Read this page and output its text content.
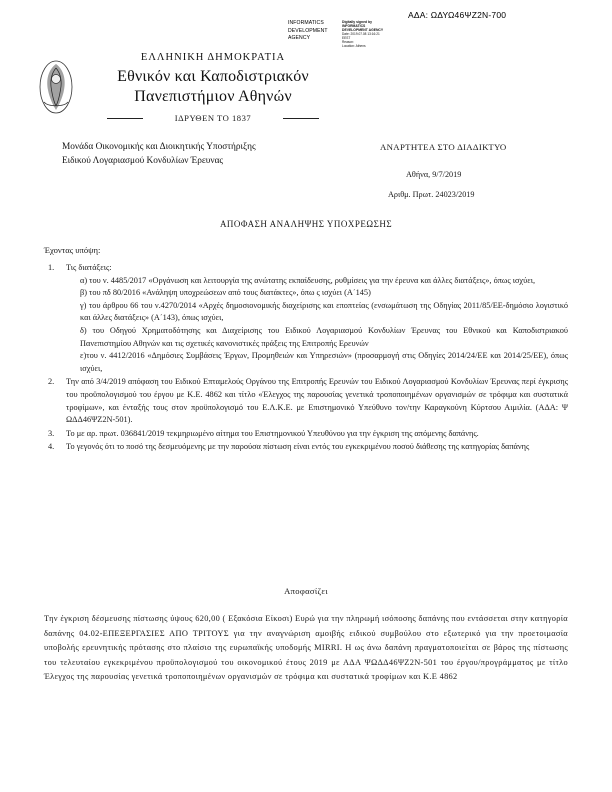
ΑΔΑ: ΩΔΥΩ46ΨΖ2Ν-700
INFORMATICS
DEVELOPMENT
AGENCY
Digitally signed by
INFORMATICS
DEVELOPMENT AGENCY
Date: 2019.07.08 13:16:21
EEST
Reason:
Location: Athens
ΕΛΛΗΝΙΚΗ ΔΗΜΟΚΡΑΤΙΑ
Εθνικόν και Καποδιστριακόν
Πανεπιστήμιον Αθηνών
ΙΔΡΥΘΕΝ ΤΟ 1837
Μονάδα Οικονομικής και Διοικητικής Υποστήριξης
Ειδικού Λογαριασμού Κονδυλίων Έρευνας
ΑΝΑΡΤΗΤΕΑ ΣΤΟ ΔΙΑΔΙΚΤΥΟ
Αθήνα, 9/7/2019
Αριθμ. Πρωτ. 24023/2019
ΑΠΟΦΑΣΗ ΑΝΑΛΗΨΗΣ ΥΠΟΧΡΕΩΣΗΣ
Έχοντας υπόψη:
1. Τις διατάξεις:

α) του ν. 4485/2017 «Οργάνωση και λειτουργία της ανώτατης εκπαίδευσης, ρυθμίσεις για την έρευνα και άλλες διατάξεις», όπως ισχύει,

β) του πδ 80/2016 «Ανάληψη υποχρεώσεων από τους διατάκτες», όπω ς ισχύει (Α΄145)

γ) του άρθρου 66 του ν.4270/2014 «Αρχές δημοσιονομικής διαχείρισης και εποπτείας (ενσωμάτωση της Οδηγίας 2011/85/ΕΕ-δημόσιο λογιστικό και άλλες διατάξεις» (Α΄143), όπως ισχύει,

δ) του Οδηγού Χρηματοδότησης και Διαχείρισης του Ειδικού Λογαριασμού Κονδυλίων Έρευνας του Εθνικού και Καποδιστριακού Πανεπιστημίου Αθηνών και τις σχετικές κανονιστικές πράξεις της Επιτροπής Ερευνών

ε)του ν. 4412/2016 «Δημόσιες Συμβάσεις Έργων, Προμηθειών και Υπηρεσιών» (προσαρμογή στις Οδηγίες 2014/24/ΕΕ και 2014/25/ΕΕ), όπως ισχύει,

2. Την από 3/4/2019 απόφαση του Ειδικού Επταμελούς Οργάνου της Επιτροπής Ερευνών του Ειδικού Λογαριασμού Κονδυλίων Έρευνας περί έγκρισης του προϋπολογισμού του έργου με Κ.Ε. 4862 και τίτλο «Έλεγχος της παρουσίας γενετικά τροποποιημένων οργανισμών σε τρόφιμα και συστατικά τροφίμων», και ένταξής τους στον προϋπολογισμό του Ε.Λ.Κ.Ε. με Επιστημονικό Υπεύθυνο τον/την Καραγκούνη Κύρτσου Αιμιλία. (ΑΔΑ: Ψ ΩΔΔ46ΨΖ2Ν-501).
3. Το με αρ. πρωτ. 036841/2019 τεκμηριωμένο αίτημα του Επιστημονικού Υπευθύνου για την έγκριση της απόμενης δαπάνης.
4. Το γεγονός ότι το ποσό της δεσμευόμενης με την παρούσα πίστωση είναι εντός του εγκεκριμένου ποσού διάθεσης της κατηγορίας δαπάνης
Αποφασίζει
Την έγκριση δέσμευσης πίστωσης ύψους 620,00 ( Εξακόσια Είκοσι) Ευρώ για την πληρωμή ισόποσης δαπάνης που εντάσσεται στην κατηγορία δαπάνης 04.02-ΕΠΕΞΕΡΓΑΣΙΕΣ ΑΠΟ ΤΡΙΤΟΥΣ για την αναγνώριση αμοιβής ειδικού συμβούλου στο εξωτερικό για την προετοιμασία υποβολής ερευνητικής πρότασης στο πλαίσιο της ευρωπαϊκής υποδομής MIRRI. Η ως άνω δαπάνη πραγματοποιείται σε βάρος της πίστωσης του τελευταίου εγκεκριμένου προϋπολογισμού του οικονομικού έτους 2019 με ΑΔΑ ΨΩΔΔ46ΨΖ2Ν-501 του έργου/προγράμματος με τίτλο Έλεγχος της παρουσίας γενετικά τροποποιημένων οργανισμών σε τρόφιμα και συστατικά τροφίμων και Κ.Ε 4862
